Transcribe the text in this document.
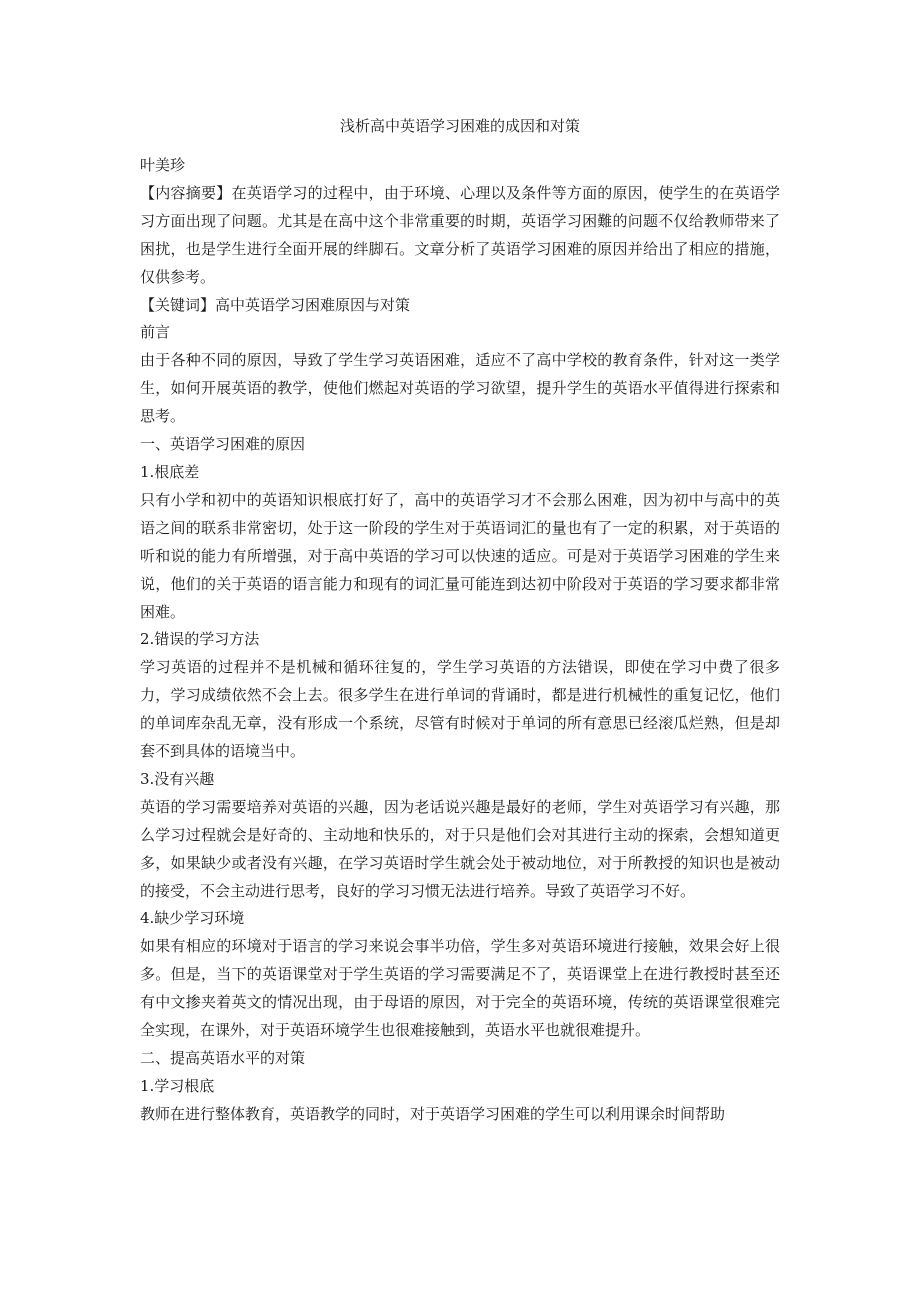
浅析高中英语学习困难的成因和对策

叶美珍

【内容摘要】在英语学习的过程中，由于环境、心理以及条件等方面的原因，使学生的在英语学习方面出现了问题。尤其是在高中这个非常重要的时期，英语学习困難的问题不仅给教师带来了困扰，也是学生进行全面开展的绊脚石。文章分析了英语学习困难的原因并给出了相应的措施，仅供参考。

【关键词】高中英语学习困难原因与对策

前言

由于各种不同的原因，导致了学生学习英语困难，适应不了高中学校的教育条件，针对这一类学生，如何开展英语的教学，使他们燃起对英语的学习欲望，提升学生的英语水平值得进行探索和思考。

一、英语学习困难的原因

1.根底差

只有小学和初中的英语知识根底打好了，高中的英语学习才不会那么困难，因为初中与高中的英语之间的联系非常密切，处于这一阶段的学生对于英语词汇的量也有了一定的积累，对于英语的听和说的能力有所增强，对于高中英语的学习可以快速的适应。可是对于英语学习困难的学生来说，他们的关于英语的语言能力和现有的词汇量可能连到达初中阶段对于英语的学习要求都非常困难。

2.错误的学习方法

学习英语的过程并不是机械和循环往复的，学生学习英语的方法错误，即使在学习中费了很多力，学习成绩依然不会上去。很多学生在进行单词的背诵时，都是进行机械性的重复记忆，他们的单词库杂乱无章，没有形成一个系统，尽管有时候对于单词的所有意思已经滚瓜烂熟，但是却套不到具体的语境当中。

3.没有兴趣

英语的学习需要培养对英语的兴趣，因为老话说兴趣是最好的老师，学生对英语学习有兴趣，那么学习过程就会是好奇的、主动地和快乐的，对于只是他们会对其进行主动的探索，会想知道更多，如果缺少或者没有兴趣，在学习英语时学生就会处于被动地位，对于所教授的知识也是被动的接受，不会主动进行思考，良好的学习习惯无法进行培养。导致了英语学习不好。

4.缺少学习环境

如果有相应的环境对于语言的学习来说会事半功倍，学生多对英语环境进行接触，效果会好上很多。但是，当下的英语课堂对于学生英语的学习需要满足不了，英语课堂上在进行教授时甚至还有中文掺夹着英文的情况出现，由于母语的原因，对于完全的英语环境，传统的英语课堂很难完全实现，在课外，对于英语环境学生也很难接触到，英语水平也就很难提升。

二、提高英语水平的对策

1.学习根底

教师在进行整体教育，英语教学的同时，对于英语学习困难的学生可以利用课余时间帮助
